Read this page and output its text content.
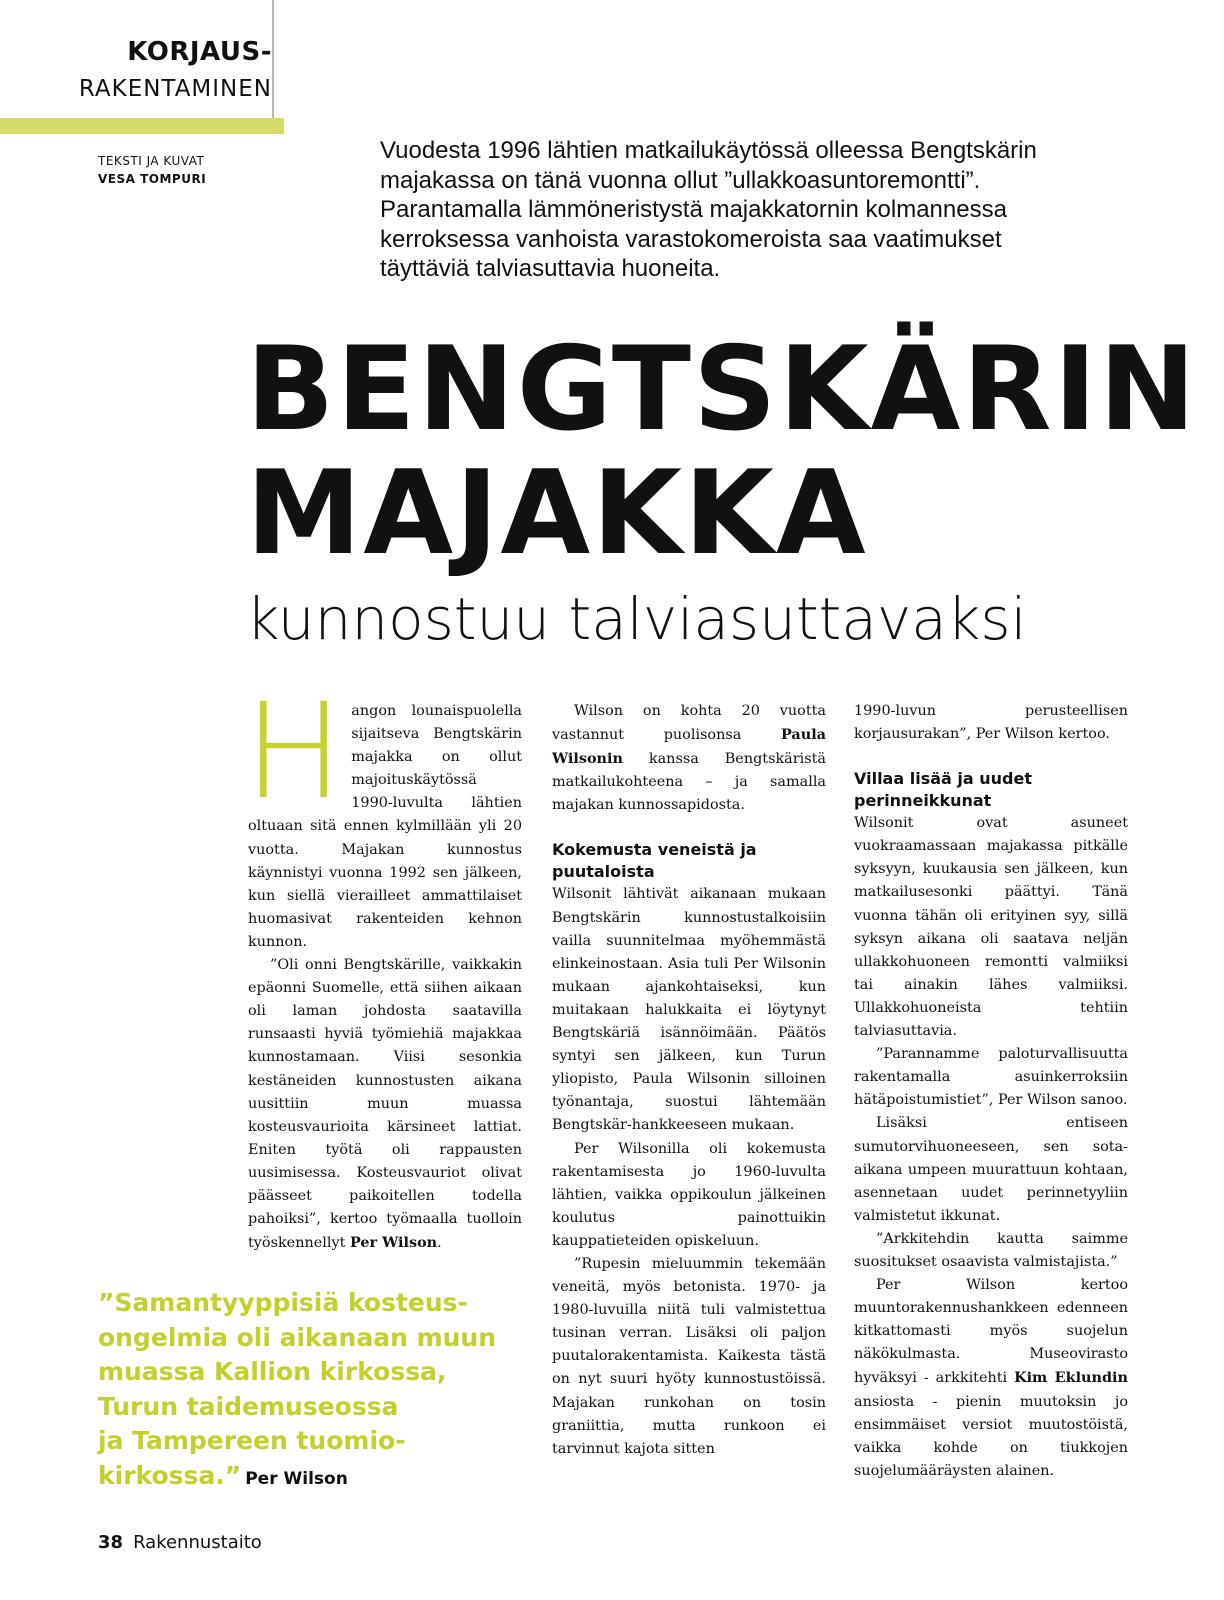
KORJAUS-
RAKENTAMINEN
TEKSTI JA KUVAT
VESA TOMPURI
Vuodesta 1996 lähtien matkailukäytössä olleessa Bengtskärin
majakassa on tänä vuonna ollut ”ullakkoasuntoremontti”.
Parantamalla lämmöneristystä majakkatornin kolmannessa
kerroksessa vanhoista varastokomeroista saa vaatimukset
täyttäviä talviasuttavia huoneita.
BENGTSKÄRIN
MAJAKKA
kunnostuu talviasuttavaksi
H angon lounaispuolella sijaitseva Bengtskärin majakka on ollut majoituskäytössä 1990-luvulta lähtien oltuaan sitä ennen kylmillään yli 20 vuotta. Majakan kunnostus käynnistyi vuonna 1992 sen jälkeen, kun siellä vierailleet ammattilaiset huomasivat rakenteiden kehnon kunnon.

”Oli onni Bengtskärille, vaikkakin epäonni Suomelle, että siihen aikaan oli laman johdosta saatavilla runsaasti hyviä työmiehiä majakkaa kunnostamaan. Viisi sesonkia kestäneiden kunnostusten aikana uusittiin muun muassa kosteusvaurioita kärsineet lattiat. Eniten työtä oli rappausten uusimisessa. Kosteusvauriot olivat päässeet paikoitellen todella pahoiksi”, kertoo työmaalla tuolloin työskennellyt Per Wilson.

Wilson on kohta 20 vuotta vastannut puolisonsa Paula Wilsonin kanssa Bengtskäristä matkailukohteena – ja samalla majakan kunnossapidosta.

Kokemusta veneistä ja puutaloista

Wilsonit lähtivät aikanaan mukaan Bengtskärin kunnostustalkoisiin vailla suunnitelmaa myöhemmästä elinkeinostaan. Asia tuli Per Wilsonin mukaan ajankohtaiseksi, kun muitakaan halukkaita ei löytynyt Bengtskäriä isännöimään. Päätös syntyi sen jälkeen, kun Turun yliopisto, Paula Wilsonin silloinen työnantaja, suostui lähtemään Bengtskär-hankkeeseen mukaan.

Per Wilsonilla oli kokemusta rakentamisesta jo 1960-luvulta lähtien, vaikka oppikoulun jälkeinen koulutus painottuikin kauppatieteiden opiskeluun.

”Rupesin mieluummin tekemään veneitä, myös betonista. 1970- ja 1980-luvuilla niitä tuli valmistettua tusinan verran. Lisäksi oli paljon puutalorakentamista. Kaikesta tästä on nyt suuri hyöty kunnostustöissä. Majakan runkohan on tosin graniittia, mutta runkoon ei tarvinnut kajota sitten

1990-luvun perusteellisen korjausurakan”, Per Wilson kertoo.

Villaa lisää ja uudet perinneikkunat

Wilsonit ovat asuneet vuokraamassaan majakassa pitkälle syksyyn, kuukausia sen jälkeen, kun matkailusesonki päättyi. Tänä vuonna tähän oli erityinen syy, sillä syksyn aikana oli saatava neljän ullakkohuoneen remontti valmiiksi tai ainakin lähes valmiiksi. Ullakkohuoneista tehtiin talviasuttavia.

”Parannamme paloturvallisuutta rakentamalla asuinkerroksiin hätäpoistumistiet”, Per Wilson sanoo.

Lisäksi entiseen sumutorvihuoneeseen, sen sota-aikana umpeen muurattuun kohtaan, asennetaan uudet perinnetyyliin valmistetut ikkunat.

”Arkkitehdin kautta saimme suositukset osaavista valmistajista.”

Per Wilson kertoo muuntorakennushankkeen edenneen kitkattomasti myös suojelun näkökulmasta. Museovirasto hyväksyi - arkkitehti Kim Eklundin ansiosta - pienin muutoksin jo ensimmäiset versiot muutostöistä, vaikka kohde on tiukkojen suojelumääräysten alainen.

”Samantyyppisiä kosteus-
ongelmia oli aikanaan muun
muassa Kallion kirkossa,
Turun taidemuseossa
ja Tampereen tuomio-
kirkossa.” Per Wilson
38 Rakennustaito
